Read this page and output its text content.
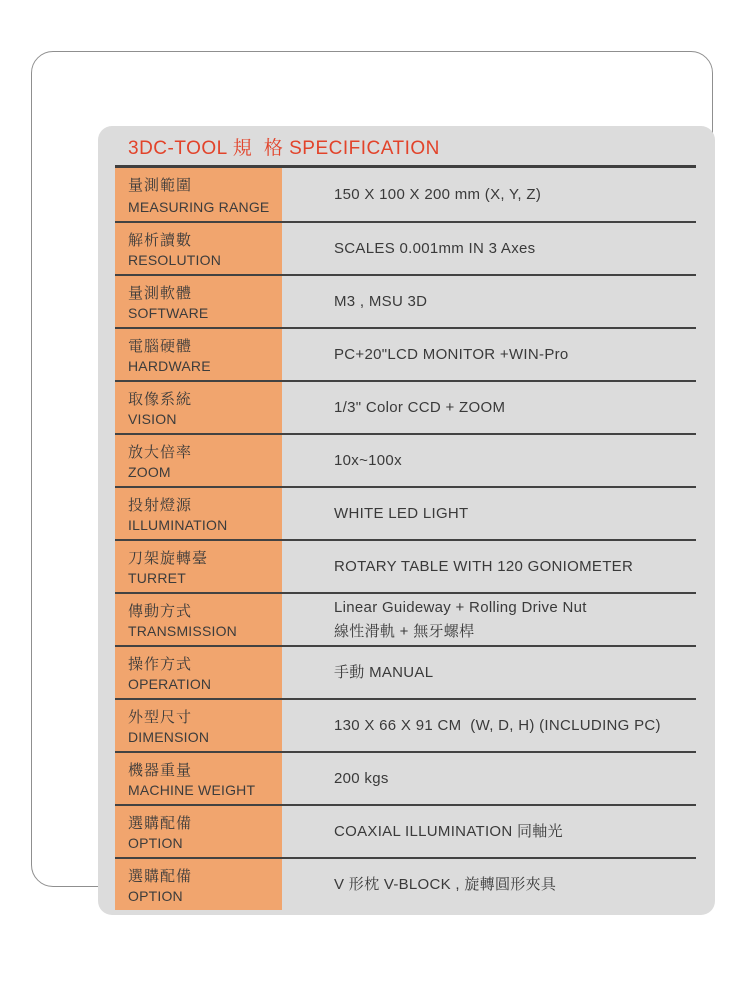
3DC-TOOL 規  格 SPECIFICATION
量測範圍
MEASURING RANGE
150 X 100 X 200 mm (X, Y, Z)
解析讀數
RESOLUTION
SCALES 0.001mm IN 3 Axes
量測軟體
SOFTWARE
M3 , MSU 3D
電腦硬體
HARDWARE
PC+20"LCD MONITOR +WIN-Pro
取像系統
VISION
1/3" Color CCD + ZOOM
放大倍率
ZOOM
10x~100x
投射燈源
ILLUMINATION
WHITE LED LIGHT
刀架旋轉臺
TURRET
ROTARY TABLE WITH 120 GONIOMETER
傳動方式
TRANSMISSION
Linear Guideway + Rolling Drive Nut
線性滑軌 + 無牙螺桿
操作方式
OPERATION
手動 MANUAL
外型尺寸
DIMENSION
130 X 66 X 91 CM  (W, D, H) (INCLUDING PC)
機器重量
MACHINE WEIGHT
200 kgs
選購配備
OPTION
COAXIAL ILLUMINATION 同軸光
選購配備
OPTION
V 形枕 V-BLOCK , 旋轉圓形夾具
